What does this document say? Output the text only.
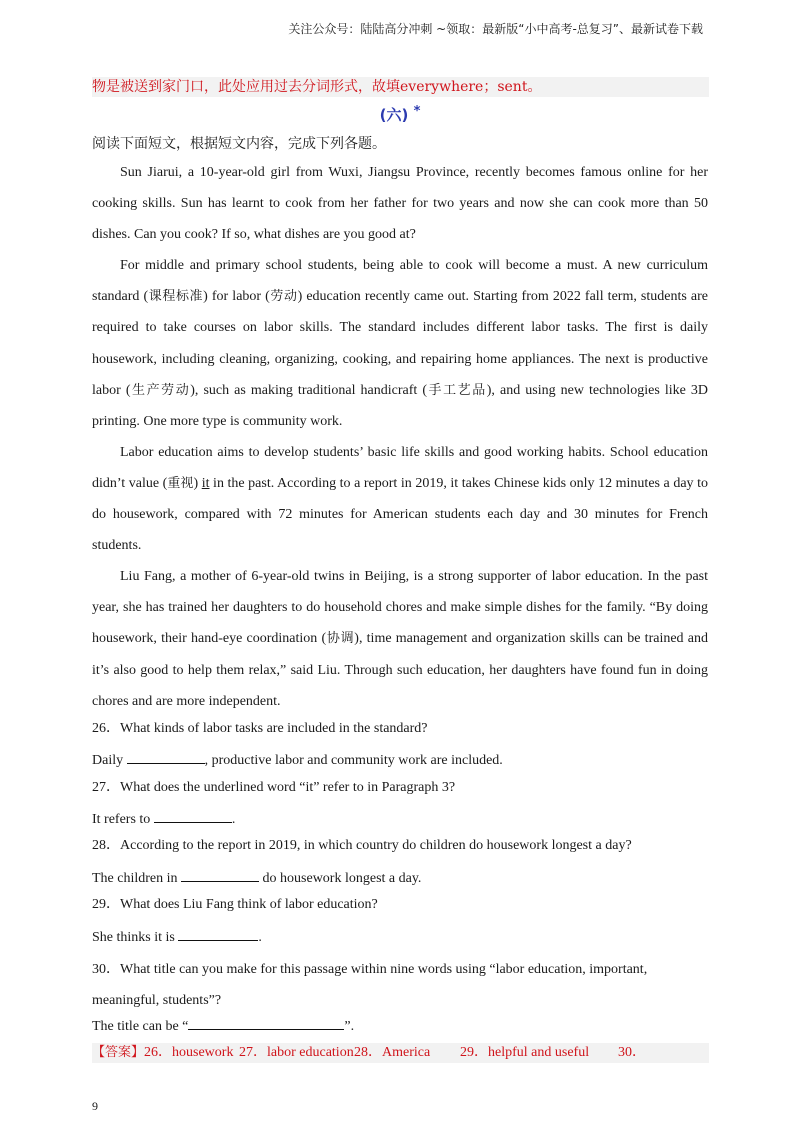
关注公众号：陆陆高分冲刺 ~领取：最新版“小中高考-总复习”、最新试卷下载
物是被送到家门口，此处应用过去分词形式，故填everywhere；sent。
(六) *
阅读下面短文，根据短文内容，完成下列各题。

Sun Jiarui, a 10-year-old girl from Wuxi, Jiangsu Province, recently becomes famous online for her cooking skills. Sun has learnt to cook from her father for two years and now she can cook more than 50 dishes. Can you cook? If so, what dishes are you good at?

For middle and primary school students, being able to cook will become a must. A new curriculum standard (课程标准) for labor (劳动) education recently came out. Starting from 2022 fall term, students are required to take courses on labor skills. The standard includes different labor tasks. The first is daily housework, including cleaning, organizing, cooking, and repairing home appliances. The next is productive labor (生产劳动), such as making traditional handicraft (手工艺品), and using new technologies like 3D printing. One more type is community work.

Labor education aims to develop students’ basic life skills and good working habits. School education didn’t value (重视) it in the past. According to a report in 2019, it takes Chinese kids only 12 minutes a day to do housework, compared with 72 minutes for American students each day and 30 minutes for French students.

Liu Fang, a mother of 6-year-old twins in Beijing, is a strong supporter of labor education. In the past year, she has trained her daughters to do household chores and make simple dishes for the family. “By doing housework, their hand-eye coordination (协调), time management and organization skills can be trained and it’s also good to help them relax,” said Liu. Through such education, her daughters have found fun in doing chores and are more independent.

26．What kinds of labor tasks are included in the standard?
Daily	, productive labor and community work are included.
27．What does the underlined word “it” refer to in Paragraph 3?
It refers to	.
28．According to the report in 2019, in which country do children do housework longest a day?
The children in	do housework longest a day.
29．What does Liu Fang think of labor education?
She thinks it is	.
30．What title can you make for this passage within nine words using “labor education, important, meaningful, students”?
The title can be “	”.
【答案】 26．housework 27．labor education 28．America	29．helpful and useful	30．
9
